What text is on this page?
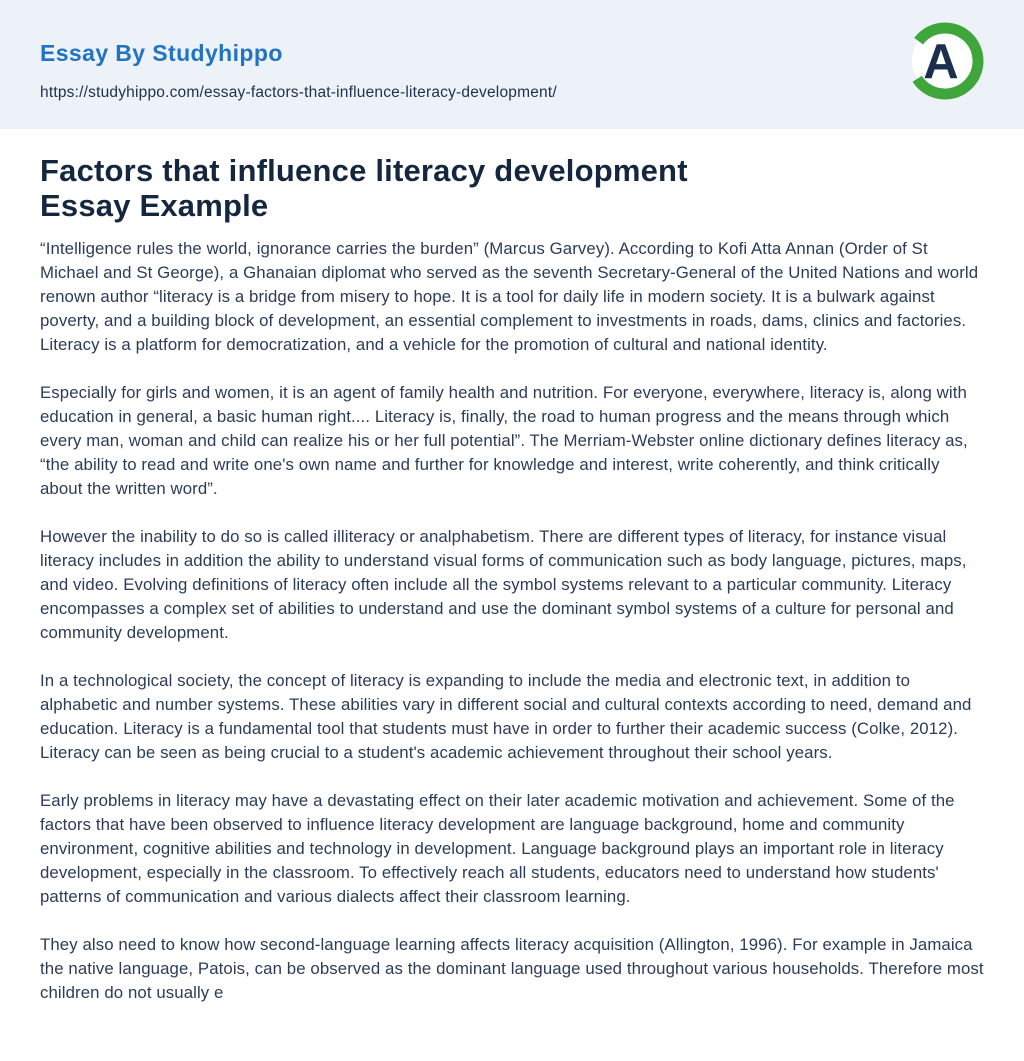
Essay By Studyhippo
https://studyhippo.com/essay-factors-that-influence-literacy-development/
A
Factors that influence literacy development
Essay Example

“Intelligence rules the world, ignorance carries the burden” (Marcus Garvey). According to Kofi Atta Annan (Order of St Michael and St George), a Ghanaian diplomat who served as the seventh Secretary-General of the United Nations and world renown author “literacy is a bridge from misery to hope. It is a tool for daily life in modern society. It is a bulwark against poverty, and a building block of development, an essential complement to investments in roads, dams, clinics and factories. Literacy is a platform for democratization, and a vehicle for the promotion of cultural and national identity.

Especially for girls and women, it is an agent of family health and nutrition. For everyone, everywhere, literacy is, along with education in general, a basic human right.... Literacy is, finally, the road to human progress and the means through which every man, woman and child can realize his or her full potential”. The Merriam-Webster online dictionary defines literacy as, “the ability to read and write one's own name and further for knowledge and interest, write coherently, and think critically about the written word”.

However the inability to do so is called illiteracy or analphabetism. There are different types of literacy, for instance visual literacy includes in addition the ability to understand visual forms of communication such as body language, pictures, maps, and video. Evolving definitions of literacy often include all the symbol systems relevant to a particular community. Literacy encompasses a complex set of abilities to understand and use the dominant symbol systems of a culture for personal and community development.

In a technological society, the concept of literacy is expanding to include the media and electronic text, in addition to alphabetic and number systems. These abilities vary in different social and cultural contexts according to need, demand and education. Literacy is a fundamental tool that students must have in order to further their academic success (Colke, 2012). Literacy can be seen as being crucial to a student's academic achievement throughout their school years.

Early problems in literacy may have a devastating effect on their later academic motivation and achievement. Some of the factors that have been observed to influence literacy development are language background, home and community environment, cognitive abilities and technology in development. Language background plays an important role in literacy development, especially in the classroom. To effectively reach all students, educators need to understand how students' patterns of communication and various dialects affect their classroom learning.

They also need to know how second-language learning affects literacy acquisition (Allington, 1996). For example in Jamaica the native language, Patois, can be observed as the dominant language used throughout various households. Therefore most children do not usually e
